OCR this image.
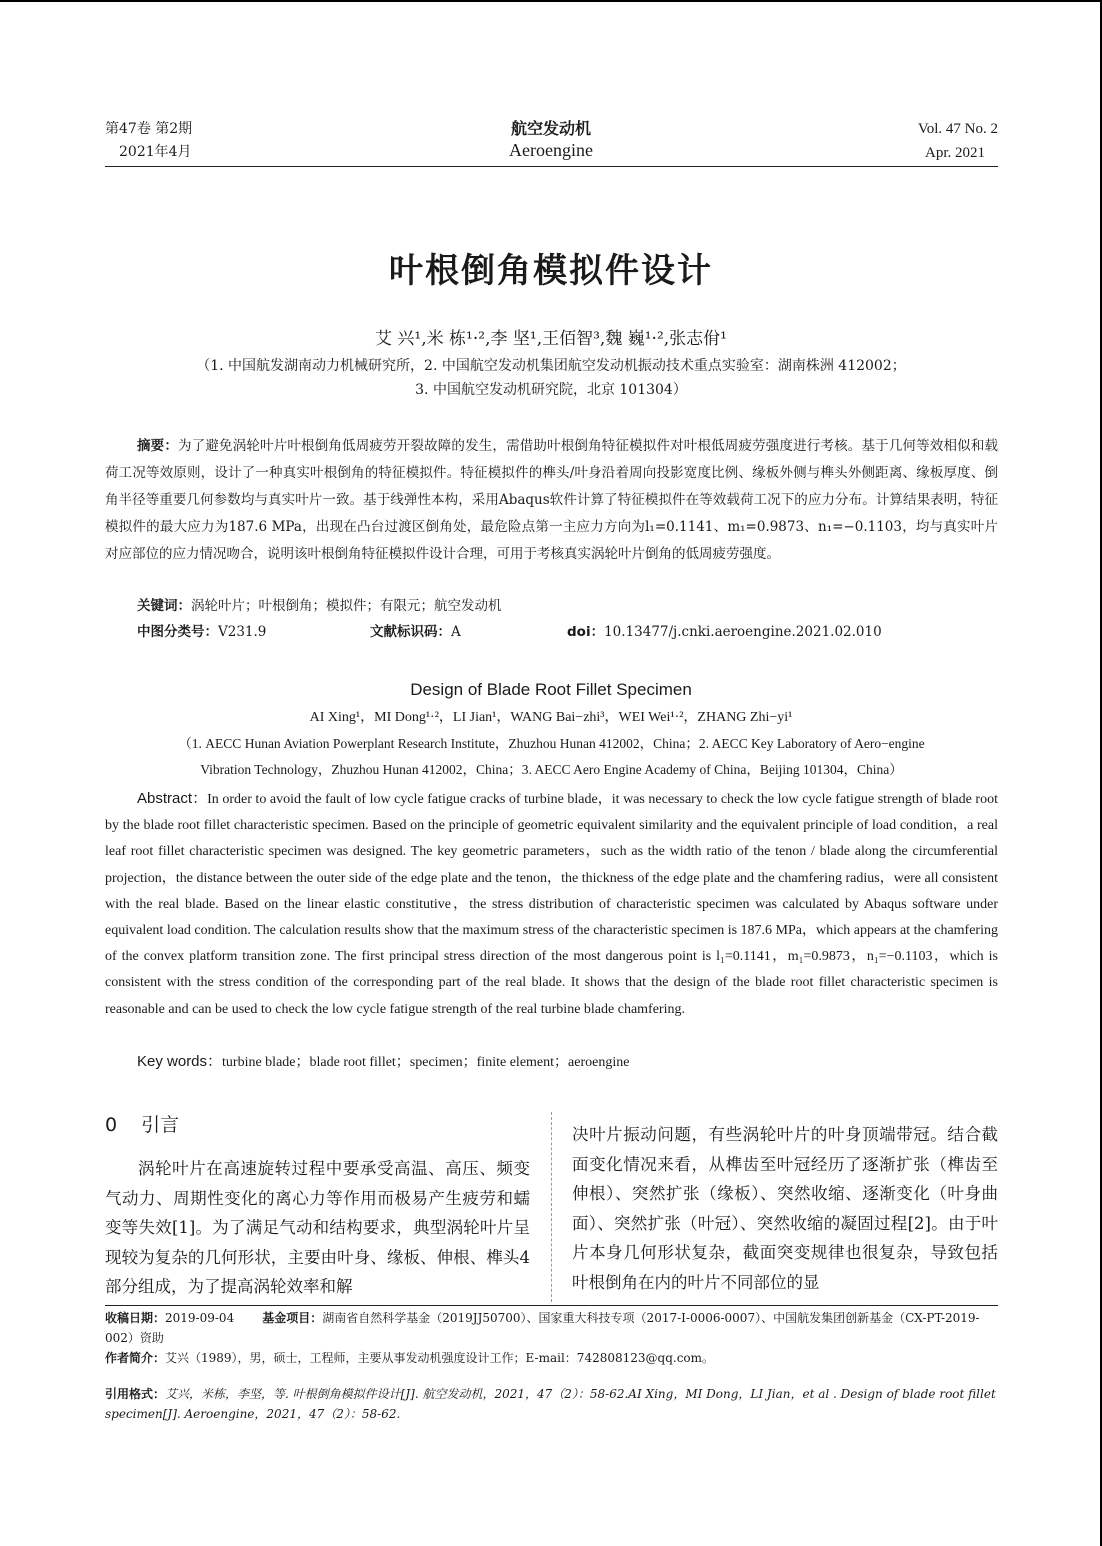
第47卷 第2期
2021年4月
航空发动机
Aeroengine
Vol. 47 No. 2
Apr. 2021
叶根倒角模拟件设计
艾 兴¹,米 栋¹·²,李 坚¹,王佰智³,魏 巍¹·²,张志佾¹
（1. 中国航发湖南动力机械研究所，2. 中国航空发动机集团航空发动机振动技术重点实验室：湖南株洲 412002；
3. 中国航空发动机研究院，北京 101304）
摘要：为了避免涡轮叶片叶根倒角低周疲劳开裂故障的发生，需借助叶根倒角特征模拟件对叶根低周疲劳强度进行考核。基于几何等效相似和载荷工况等效原则，设计了一种真实叶根倒角的特征模拟件。特征模拟件的榫头/叶身沿着周向投影宽度比例、缘板外侧与榫头外侧距离、缘板厚度、倒角半径等重要几何参数均与真实叶片一致。基于线弹性本构，采用Abaqus软件计算了特征模拟件在等效载荷工况下的应力分布。计算结果表明，特征模拟件的最大应力为187.6 MPa，出现在凸台过渡区倒角处，最危险点第一主应力方向为l₁=0.1141、m₁=0.9873、n₁=−0.1103，均与真实叶片对应部位的应力情况吻合，说明该叶根倒角特征模拟件设计合理，可用于考核真实涡轮叶片倒角的低周疲劳强度。
关键词：涡轮叶片；叶根倒角；模拟件；有限元；航空发动机
中图分类号：V231.9	文献标识码：A	doi：10.13477/j.cnki.aeroengine.2021.02.010
Design of Blade Root Fillet Specimen
AI Xing¹，MI Dong¹·²，LI Jian¹，WANG Bai−zhi³，WEI Wei¹·²，ZHANG Zhi−yi¹
（1. AECC Hunan Aviation Powerplant Research Institute，Zhuzhou Hunan 412002，China；2. AECC Key Laboratory of Aero−engine
Vibration Technology，Zhuzhou Hunan 412002，China；3. AECC Aero Engine Academy of China，Beijing 101304，China）
Abstract：In order to avoid the fault of low cycle fatigue cracks of turbine blade，it was necessary to check the low cycle fatigue strength of blade root by the blade root fillet characteristic specimen. Based on the principle of geometric equivalent similarity and the equivalent principle of load condition，a real leaf root fillet characteristic specimen was designed. The key geometric parameters，such as the width ratio of the tenon / blade along the circumferential projection，the distance between the outer side of the edge plate and the tenon，the thickness of the edge plate and the chamfering radius，were all consistent with the real blade. Based on the linear elastic constitutive，the stress distribution of characteristic specimen was calculated by Abaqus software under equivalent load condition. The calculation results show that the maximum stress of the characteristic specimen is 187.6 MPa，which appears at the chamfering of the convex platform transition zone. The first principal stress direction of the most dangerous point is l₁=0.1141，m₁=0.9873，n₁=−0.1103，which is consistent with the stress condition of the corresponding part of the real blade. It shows that the design of the blade root fillet characteristic specimen is reasonable and can be used to check the low cycle fatigue strength of the real turbine blade chamfering.
Key words：turbine blade；blade root fillet；specimen；finite element；aeroengine
0 引言
涡轮叶片在高速旋转过程中要承受高温、高压、频变气动力、周期性变化的离心力等作用而极易产生疲劳和蠕变等失效[1]。为了满足气动和结构要求，典型涡轮叶片呈现较为复杂的几何形状，主要由叶身、缘板、伸根、榫头4部分组成，为了提高涡轮效率和解
决叶片振动问题，有些涡轮叶片的叶身顶端带冠。结合截面变化情况来看，从榫齿至叶冠经历了逐渐扩张（榫齿至伸根）、突然扩张（缘板）、突然收缩、逐渐变化（叶身曲面）、突然扩张（叶冠）、突然收缩的凝固过程[2]。由于叶片本身几何形状复杂，截面突变规律也很复杂，导致包括叶根倒角在内的叶片不同部位的显
收稿日期：2019-09-04 基金项目：湖南省自然科学基金（2019JJ50700）、国家重大科技专项（2017-I-0006-0007）、中国航发集团创新基金（CX-PT-2019-002）资助
作者简介：艾兴（1989），男，硕士，工程师，主要从事发动机强度设计工作；E-mail：742808123@qq.com。
引用格式：艾兴，米栋，李坚，等. 叶根倒角模拟件设计[J]. 航空发动机，2021，47（2）：58-62.AI Xing，MI Dong，LI Jian，et al . Design of blade root fillet specimen[J]. Aeroengine，2021，47（2）：58-62.
